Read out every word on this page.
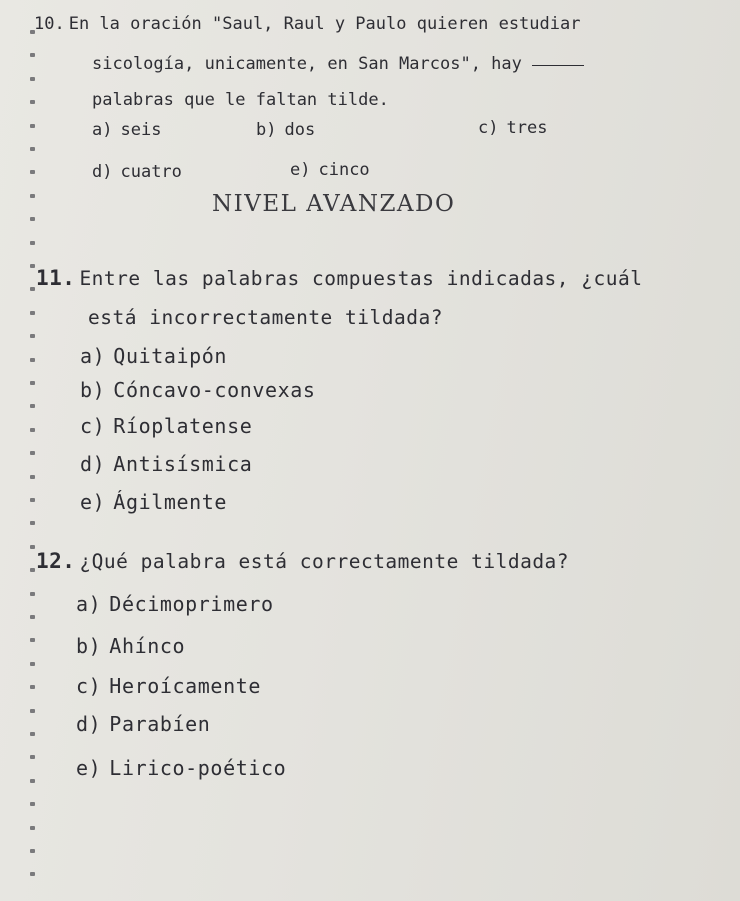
10. En la oración "Saul, Raul y Paulo quieren estudiar
sicología, unicamente, en San Marcos", hay
palabras que le faltan tilde.
a) seis	b) dos	c) tres
d) cuatro	e) cinco
NIVEL AVANZADO
11. Entre las palabras compuestas indicadas, ¿cuál
está incorrectamente tildada?
a) Quitaipón
b) Cóncavo-convexas
c) Ríoplatense
d) Antisísmica
e) Ágilmente
12. ¿Qué palabra está correctamente tildada?
a) Décimoprimero
b) Ahínco
c) Heroícamente
d) Parabíen
e) Lirico-poético
